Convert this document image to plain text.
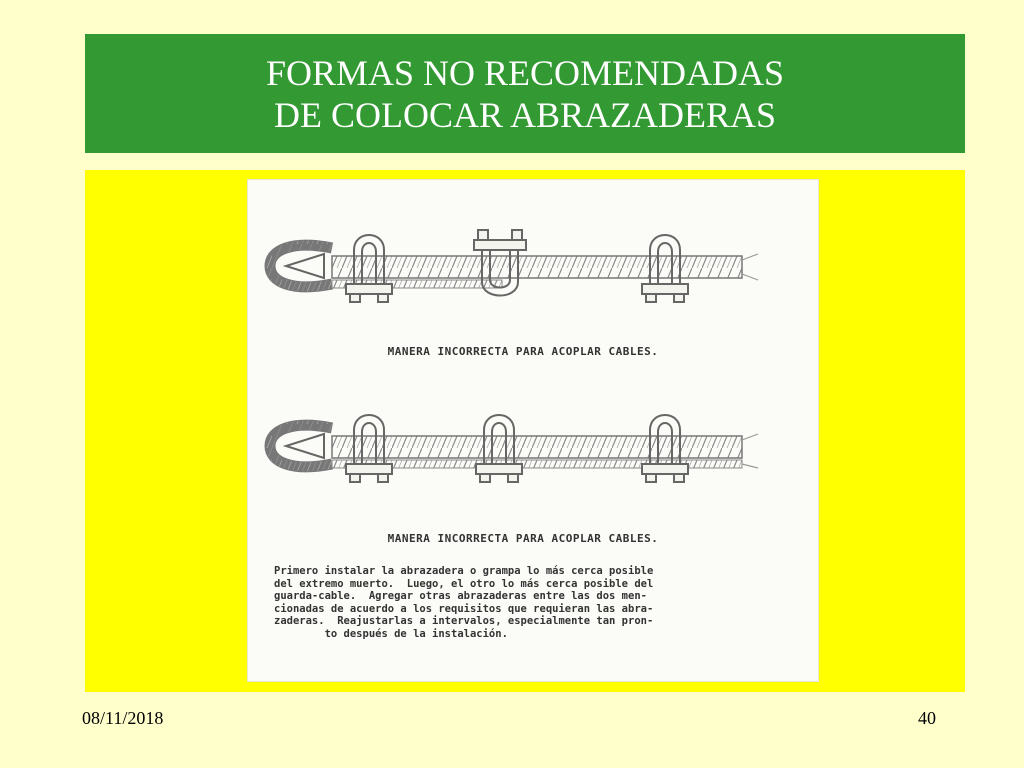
FORMAS NO RECOMENDADAS
DE COLOCAR ABRAZADERAS
MANERA INCORRECTA PARA ACOPLAR CABLES.
MANERA INCORRECTA PARA ACOPLAR CABLES.
Primero instalar la abrazadera o grampa lo más cerca posible
del extremo muerto.  Luego, el otro lo más cerca posible del
guarda-cable.  Agregar otras abrazaderas entre las dos men-
cionadas de acuerdo a los requisitos que requieran las abra-
zaderas.  Reajustarlas a intervalos, especialmente tan pron-
to después de la instalación.
08/11/2018	40
